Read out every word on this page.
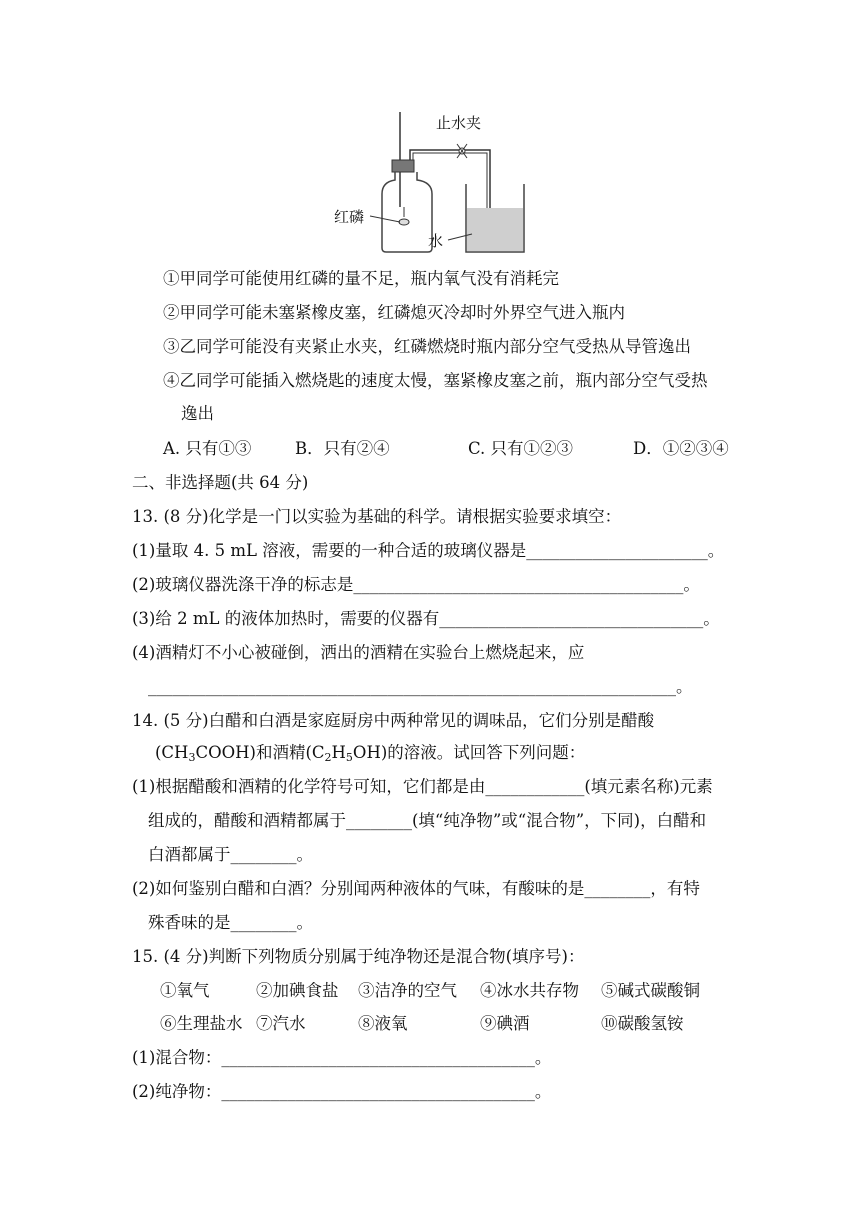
止水夹
红磷
水
①甲同学可能使用红磷的量不足，瓶内氧气没有消耗完
②甲同学可能未塞紧橡皮塞，红磷熄灭冷却时外界空气进入瓶内
③乙同学可能没有夹紧止水夹，红磷燃烧时瓶内部分空气受热从导管逸出
④乙同学可能插入燃烧匙的速度太慢，塞紧橡皮塞之前，瓶内部分空气受热
逸出
A. 只有①③	B．只有②④	C. 只有①②③	D．①②③④
二、非选择题(共 64 分)
13. (8 分)化学是一门以实验为基础的科学。请根据实验要求填空：
(1)量取 4. 5 mL 溶液，需要的一种合适的玻璃仪器是______________________。
(2)玻璃仪器洗涤干净的标志是________________________________________。
(3)给 2 mL 的液体加热时，需要的仪器有________________________________。
(4)酒精灯不小心被碰倒，洒出的酒精在实验台上燃烧起来，应
________________________________________________________________。
14. (5 分)白醋和白酒是家庭厨房中两种常见的调味品，它们分别是醋酸
$(CH_3COOH)$和酒精$(C_2H_5OH)$的溶液。试回答下列问题：
(1)根据醋酸和酒精的化学符号可知，它们都是由____________(填元素名称)元素
组成的，醋酸和酒精都属于________(填“纯净物”或“混合物”，下同)，白醋和
白酒都属于________。
(2)如何鉴别白醋和白酒？分别闻两种液体的气味，有酸味的是________，有特
殊香味的是________。
15. (4 分)判断下列物质分别属于纯净物还是混合物(填序号)：
①氧气	②加碘食盐 ③洁净的空气 ④冰水共存物 ⑤碱式碳酸铜
⑥生理盐水 ⑦汽水	⑧液氧	⑨碘酒	⑩碳酸氢铵
(1)混合物：______________________________________。
(2)纯净物：______________________________________。
